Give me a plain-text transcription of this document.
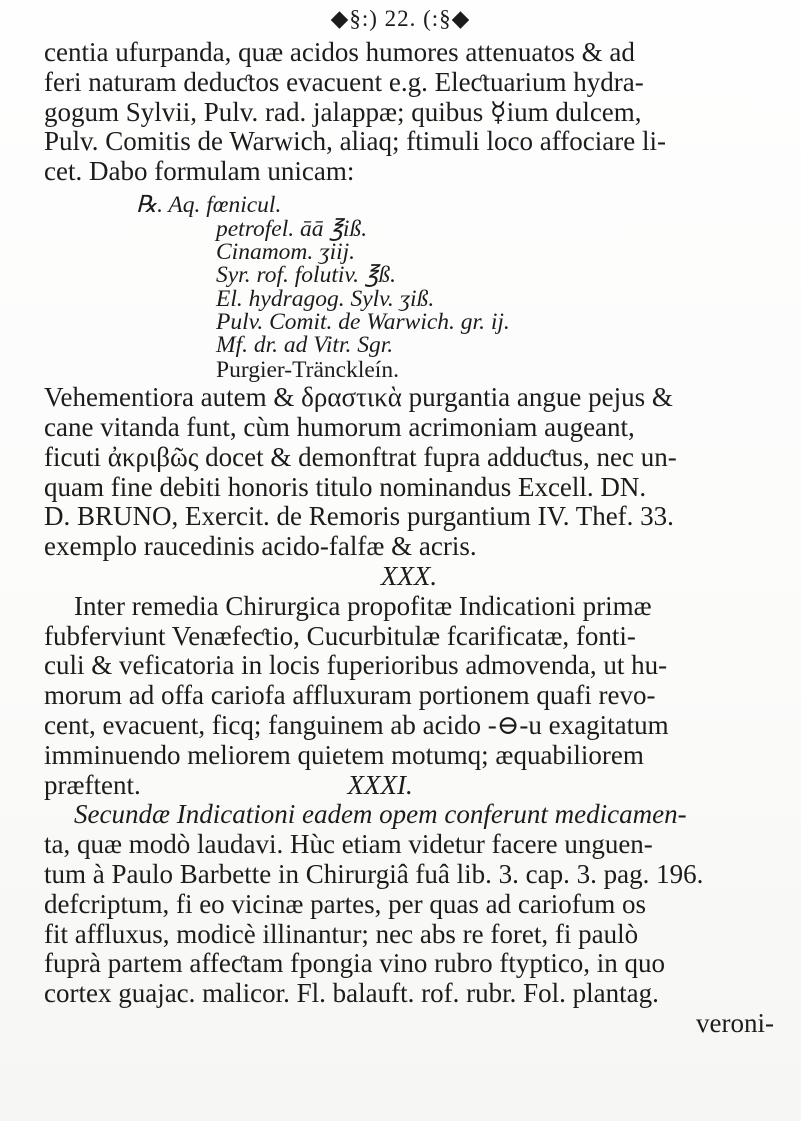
◆§:) 22. (:§◆
centia ufurpanda, quæ acidos humores attenuatos & ad
feri naturam deduƈtos evacuent e.g. Eleƈtuarium hydra-
gogum Sylvii, Pulv. rad. jalappæ; quibus ☿ium dulcem,
Pulv. Comitis de Warwich, aliaq; ftimuli loco affociare li-
cet. Dabo formulam unicam:
℞. Aq. fœnicul.
petrofel. āā ℥iß.
Cinamom. ʒiij.
Syr. rof. folutiv. ℥ß.
El. hydragog. Sylv. ʒiß.
Pulv. Comit. de Warwich. gr. ij.
Mf. dr. ad Vitr. Sgr.
Purgier-Tränckleín.
Vehementiora autem & δραστικὰ purgantia angue pejus &
cane vitanda funt, cùm humorum acrimoniam augeant,
ficuti ἀκριβῶς docet & demonftrat fupra adduƈtus, nec un-
quam fine debiti honoris titulo nominandus Excell. DN.
D. BRUNO, Exercit. de Remoris purgantium IV. Thef. 33.
exemplo raucedinis acido-falfæ & acris.
XXX.
Inter remedia Chirurgica propofitæ Indicationi primæ
fubferviunt Venæfeƈtio, Cucurbitulæ fcarificatæ, fonti-
culi & veficatoria in locis fuperioribus admovenda, ut hu-
morum ad offa cariofa affluxuram portionem quafi revo-
cent, evacuent, ficq; fanguinem ab acido -⊖-u exagitatum
imminuendo meliorem quietem motumq; æquabiliorem
præftent.	XXXI.
Secundæ Indicationi eadem opem conferunt medicamen-
ta, quæ modò laudavi. Hùc etiam videtur facere unguen-
tum à Paulo Barbette in Chirurgiâ fuâ lib. 3. cap. 3. pag. 196.
defcriptum, fi eo vicinæ partes, per quas ad cariofum os
fit affluxus, modicè illinantur; nec abs re foret, fi paulò
fuprà partem affeƈtam fpongia vino rubro ftyptico, in quo
cortex guajac. malicor. Fl. balauft. rof. rubr. Fol. plantag.
veroni-
